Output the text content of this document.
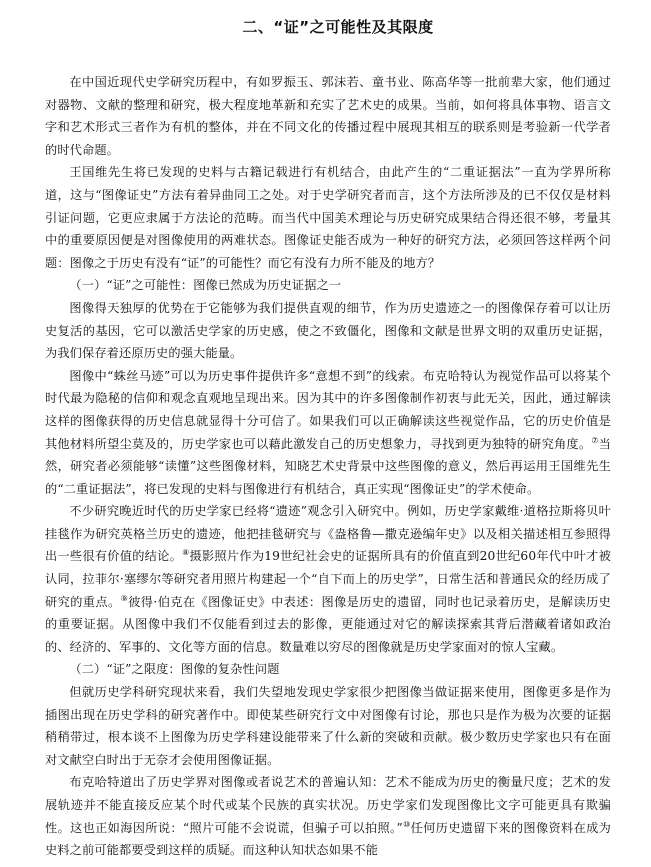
二、“证”之可能性及其限度

在中国近现代史学研究历程中，有如罗振玉、郭沫若、童书业、陈高华等一批前辈大家，他们通过对器物、文献的整理和研究，极大程度地革新和充实了艺术史的成果。当前，如何将具体事物、语言文字和艺术形式三者作为有机的整体，并在不同文化的传播过程中展现其相互的联系则是考验新一代学者的时代命题。

王国维先生将已发现的史料与古籍记载进行有机结合，由此产生的“二重证据法”一直为学界所称道，这与“图像证史”方法有着异曲同工之处。对于史学研究者而言，这个方法所涉及的已不仅仅是材料引证问题，它更应隶属于方法论的范畴。而当代中国美术理论与历史研究成果结合得还很不够，考量其中的重要原因便是对图像使用的两难状态。图像证史能否成为一种好的研究方法，必须回答这样两个问题：图像之于历史有没有“证”的可能性？而它有没有力所不能及的地方？

（一）“证”之可能性：图像已然成为历史证据之一

图像得天独厚的优势在于它能够为我们提供直观的细节，作为历史遗迹之一的图像保存着可以让历史复活的基因，它可以激活史学家的历史感，使之不致僵化，图像和文献是世界文明的双重历史证据，为我们保存着还原历史的强大能量。

图像中“蛛丝马迹”可以为历史事件提供许多“意想不到”的线索。布克哈特认为视觉作品可以将某个时代最为隐秘的信仰和观念直观地呈现出来。因为其中的许多图像制作初衷与此无关，因此，通过解读这样的图像获得的历史信息就显得十分可信了。如果我们可以正确解读这些视觉作品，它的历史价值是其他材料所望尘莫及的，历史学家也可以藉此激发自己的历史想象力，寻找到更为独特的研究角度。⑦当然，研究者必须能够“读懂”这些图像材料，知晓艺术史背景中这些图像的意义，然后再运用王国维先生的“二重证据法”，将已发现的史料与图像进行有机结合，真正实现“图像证史”的学术使命。

不少研究晚近时代的历史学家已经将“遗迹”观念引入研究中。例如，历史学家戴维·道格拉斯将贝叶挂毯作为研究英格兰历史的遗迹，他把挂毯研究与《盎格鲁—撒克逊编年史》以及相关描述相互参照得出一些很有价值的结论。⑧摄影照片作为19世纪社会史的证据所具有的价值直到20世纪60年代中叶才被认同，拉菲尔·塞缪尔等研究者用照片构建起一个“自下而上的历史学”，日常生活和普通民众的经历成了研究的重点。⑨彼得·伯克在《图像证史》中表述：图像是历史的遗留，同时也记录着历史，是解读历史的重要证据。从图像中我们不仅能看到过去的影像，更能通过对它的解读探索其背后潜藏着诸如政治的、经济的、军事的、文化等方面的信息。数量难以穷尽的图像就是历史学家面对的惊人宝藏。

（二）“证”之限度：图像的复杂性问题

但就历史学科研究现状来看，我们失望地发现史学家很少把图像当做证据来使用，图像更多是作为插图出现在历史学科的研究著作中。即使某些研究行文中对图像有讨论，那也只是作为极为次要的证据稍稍带过，根本谈不上图像为历史学科建设能带来了什么新的突破和贡献。极少数历史学家也只有在面对文献空白时出于无奈才会使用图像证据。

布克哈特道出了历史学界对图像或者说艺术的普遍认知：艺术不能成为历史的衡量尺度；艺术的发展轨迹并不能直接反应某个时代或某个民族的真实状况。历史学家们发现图像比文字可能更具有欺骗性。这也正如海因所说：“照片可能不会说谎，但骗子可以拍照。”⑩任何历史遗留下来的图像资料在成为史料之前可能都要受到这样的质疑。而这种认知状态如果不能
